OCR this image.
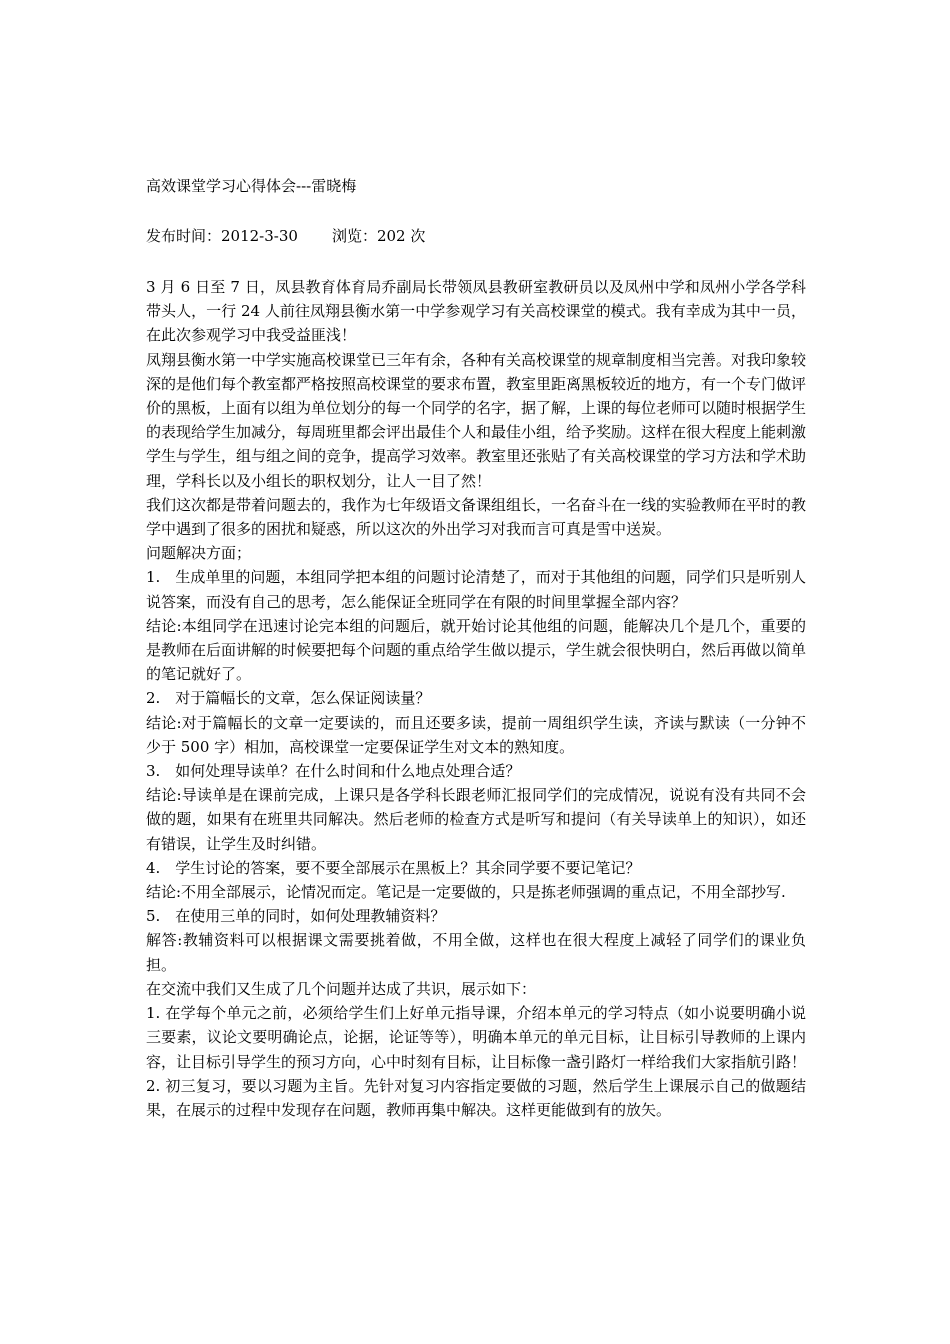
高效课堂学习心得体会---雷晓梅
发布时间：2012-3-30 浏览：202 次

3 月 6 日至 7 日，凤县教育体育局乔副局长带领凤县教研室教研员以及凤州中学和凤州小学各学科带头人，一行 24 人前往凤翔县衡水第一中学参观学习有关高校课堂的模式。我有幸成为其中一员，在此次参观学习中我受益匪浅！

凤翔县衡水第一中学实施高校课堂已三年有余，各种有关高校课堂的规章制度相当完善。对我印象较深的是他们每个教室都严格按照高校课堂的要求布置，教室里距离黑板较近的地方，有一个专门做评价的黑板，上面有以组为单位划分的每一个同学的名字，据了解，上课的每位老师可以随时根据学生的表现给学生加减分，每周班里都会评出最佳个人和最佳小组，给予奖励。这样在很大程度上能刺激学生与学生，组与组之间的竞争，提高学习效率。教室里还张贴了有关高校课堂的学习方法和学术助理，学科长以及小组长的职权划分，让人一目了然！

我们这次都是带着问题去的，我作为七年级语文备课组组长，一名奋斗在一线的实验教师在平时的教学中遇到了很多的困扰和疑惑，所以这次的外出学习对我而言可真是雪中送炭。

问题解决方面；

1.　生成单里的问题，本组同学把本组的问题讨论清楚了，而对于其他组的问题，同学们只是听别人说答案，而没有自己的思考，怎么能保证全班同学在有限的时间里掌握全部内容？

结论:本组同学在迅速讨论完本组的问题后，就开始讨论其他组的问题，能解决几个是几个，重要的是教师在后面讲解的时候要把每个问题的重点给学生做以提示，学生就会很快明白，然后再做以简单的笔记就好了。

2.　对于篇幅长的文章，怎么保证阅读量？

结论:对于篇幅长的文章一定要读的，而且还要多读，提前一周组织学生读，齐读与默读（一分钟不少于 500 字）相加，高校课堂一定要保证学生对文本的熟知度。

3.　如何处理导读单？在什么时间和什么地点处理合适？

结论:导读单是在课前完成，上课只是各学科长跟老师汇报同学们的完成情况，说说有没有共同不会做的题，如果有在班里共同解决。然后老师的检查方式是听写和提问（有关导读单上的知识），如还有错误，让学生及时纠错。

4.　学生讨论的答案，要不要全部展示在黑板上？其余同学要不要记笔记？

结论:不用全部展示，论情况而定。笔记是一定要做的，只是拣老师强调的重点记，不用全部抄写.

5.　在使用三单的同时，如何处理教辅资料？

解答:教辅资料可以根据课文需要挑着做，不用全做，这样也在很大程度上减轻了同学们的课业负担。

在交流中我们又生成了几个问题并达成了共识，展示如下：

1. 在学每个单元之前，必须给学生们上好单元指导课，介绍本单元的学习特点（如小说要明确小说三要素，议论文要明确论点，论据，论证等等），明确本单元的单元目标，让目标引导教师的上课内容，让目标引导学生的预习方向，心中时刻有目标，让目标像一盏引路灯一样给我们大家指航引路！

2. 初三复习，要以习题为主旨。先针对复习内容指定要做的习题，然后学生上课展示自己的做题结果，在展示的过程中发现存在问题，教师再集中解决。这样更能做到有的放矢。
